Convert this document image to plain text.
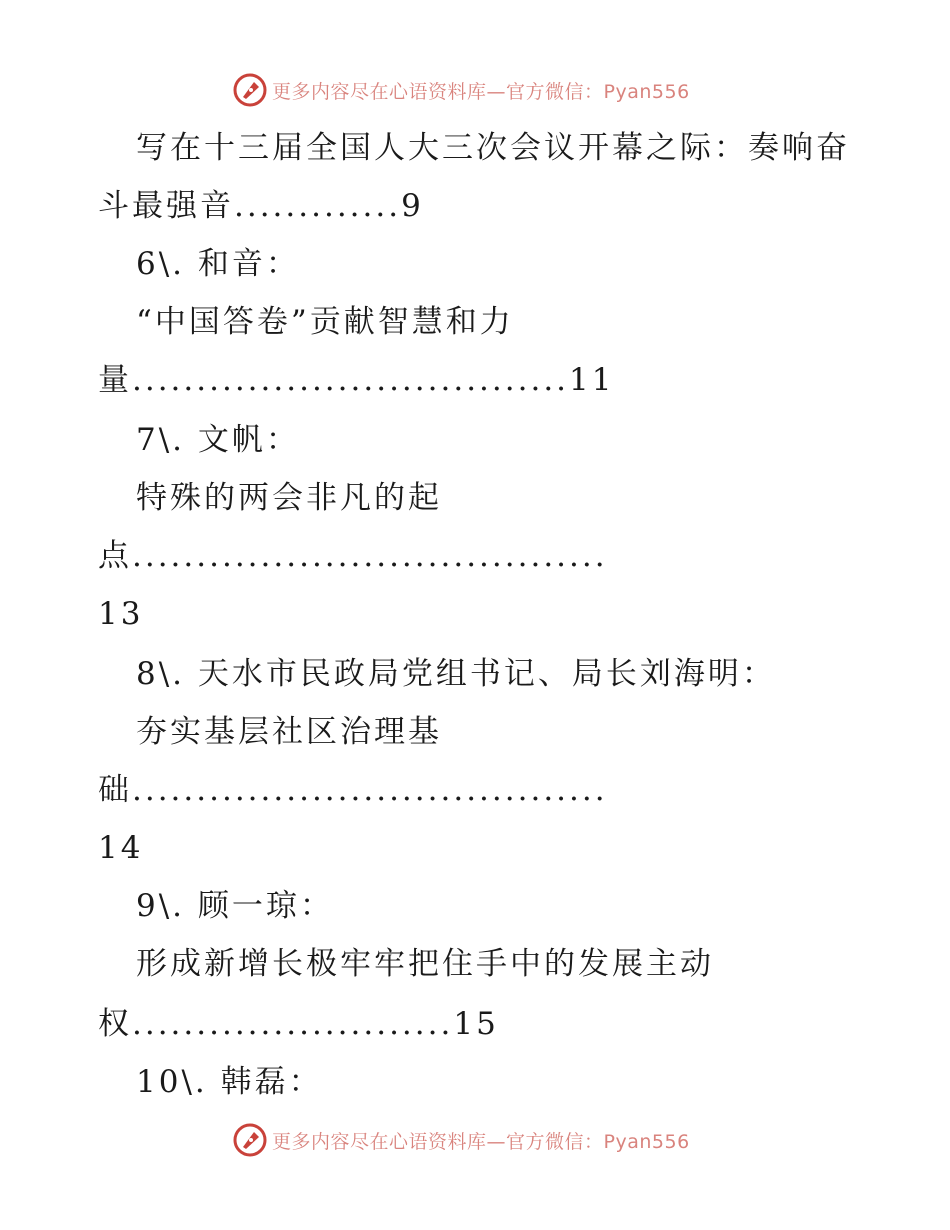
更多内容尽在心语资料库—官方微信：Pyan556
写在十三届全国人大三次会议开幕之际：奏响奋
斗最强音.............9
6\. 和音：
“中国答卷”贡献智慧和力
量..................................11
7\. 文帆：
特殊的两会非凡的起
点.....................................
13
8\. 天水市民政局党组书记、局长刘海明：
夯实基层社区治理基
础.....................................
14
9\. 顾一琼：
形成新增长极牢牢把住手中的发展主动
权.........................15
10\. 韩磊：
更多内容尽在心语资料库—官方微信：Pyan556
